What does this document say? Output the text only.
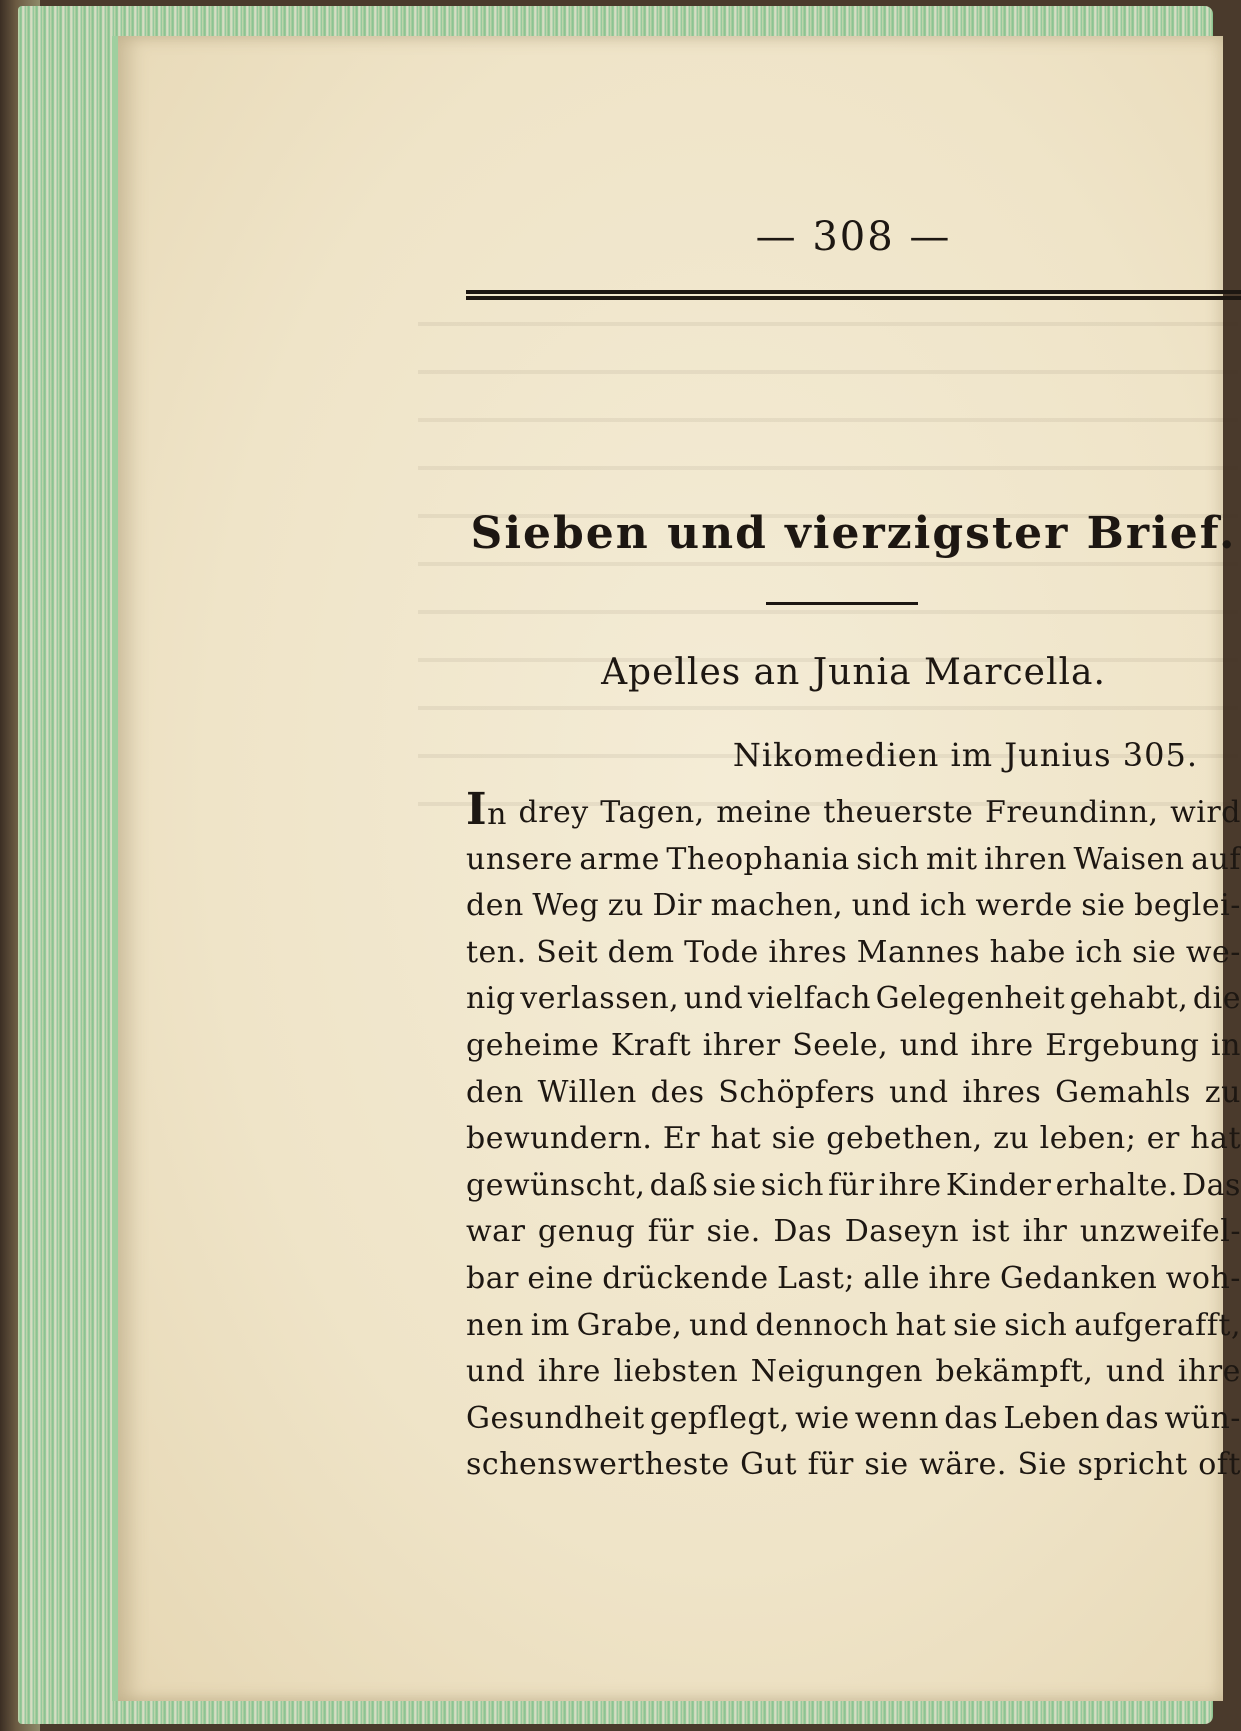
— 308 —
Sieben und vierzigster Brief.
Apelles an Junia Marcella.
Nikomedien im Junius 305.
In drey Tagen, meine theuerste Freundinn, wird
unsere arme Theophania sich mit ihren Waisen auf
den Weg zu Dir machen, und ich werde sie beglei-
ten. Seit dem Tode ihres Mannes habe ich sie we-
nig verlassen, und vielfach Gelegenheit gehabt, die
geheime Kraft ihrer Seele, und ihre Ergebung in
den Willen des Schöpfers und ihres Gemahls zu
bewundern. Er hat sie gebethen, zu leben; er hat
gewünscht, daß sie sich für ihre Kinder erhalte. Das
war genug für sie. Das Daseyn ist ihr unzweifel-
bar eine drückende Last; alle ihre Gedanken woh-
nen im Grabe, und dennoch hat sie sich aufgerafft,
und ihre liebsten Neigungen bekämpft, und ihre
Gesundheit gepflegt, wie wenn das Leben das wün-
schenswertheste Gut für sie wäre. Sie spricht oft
